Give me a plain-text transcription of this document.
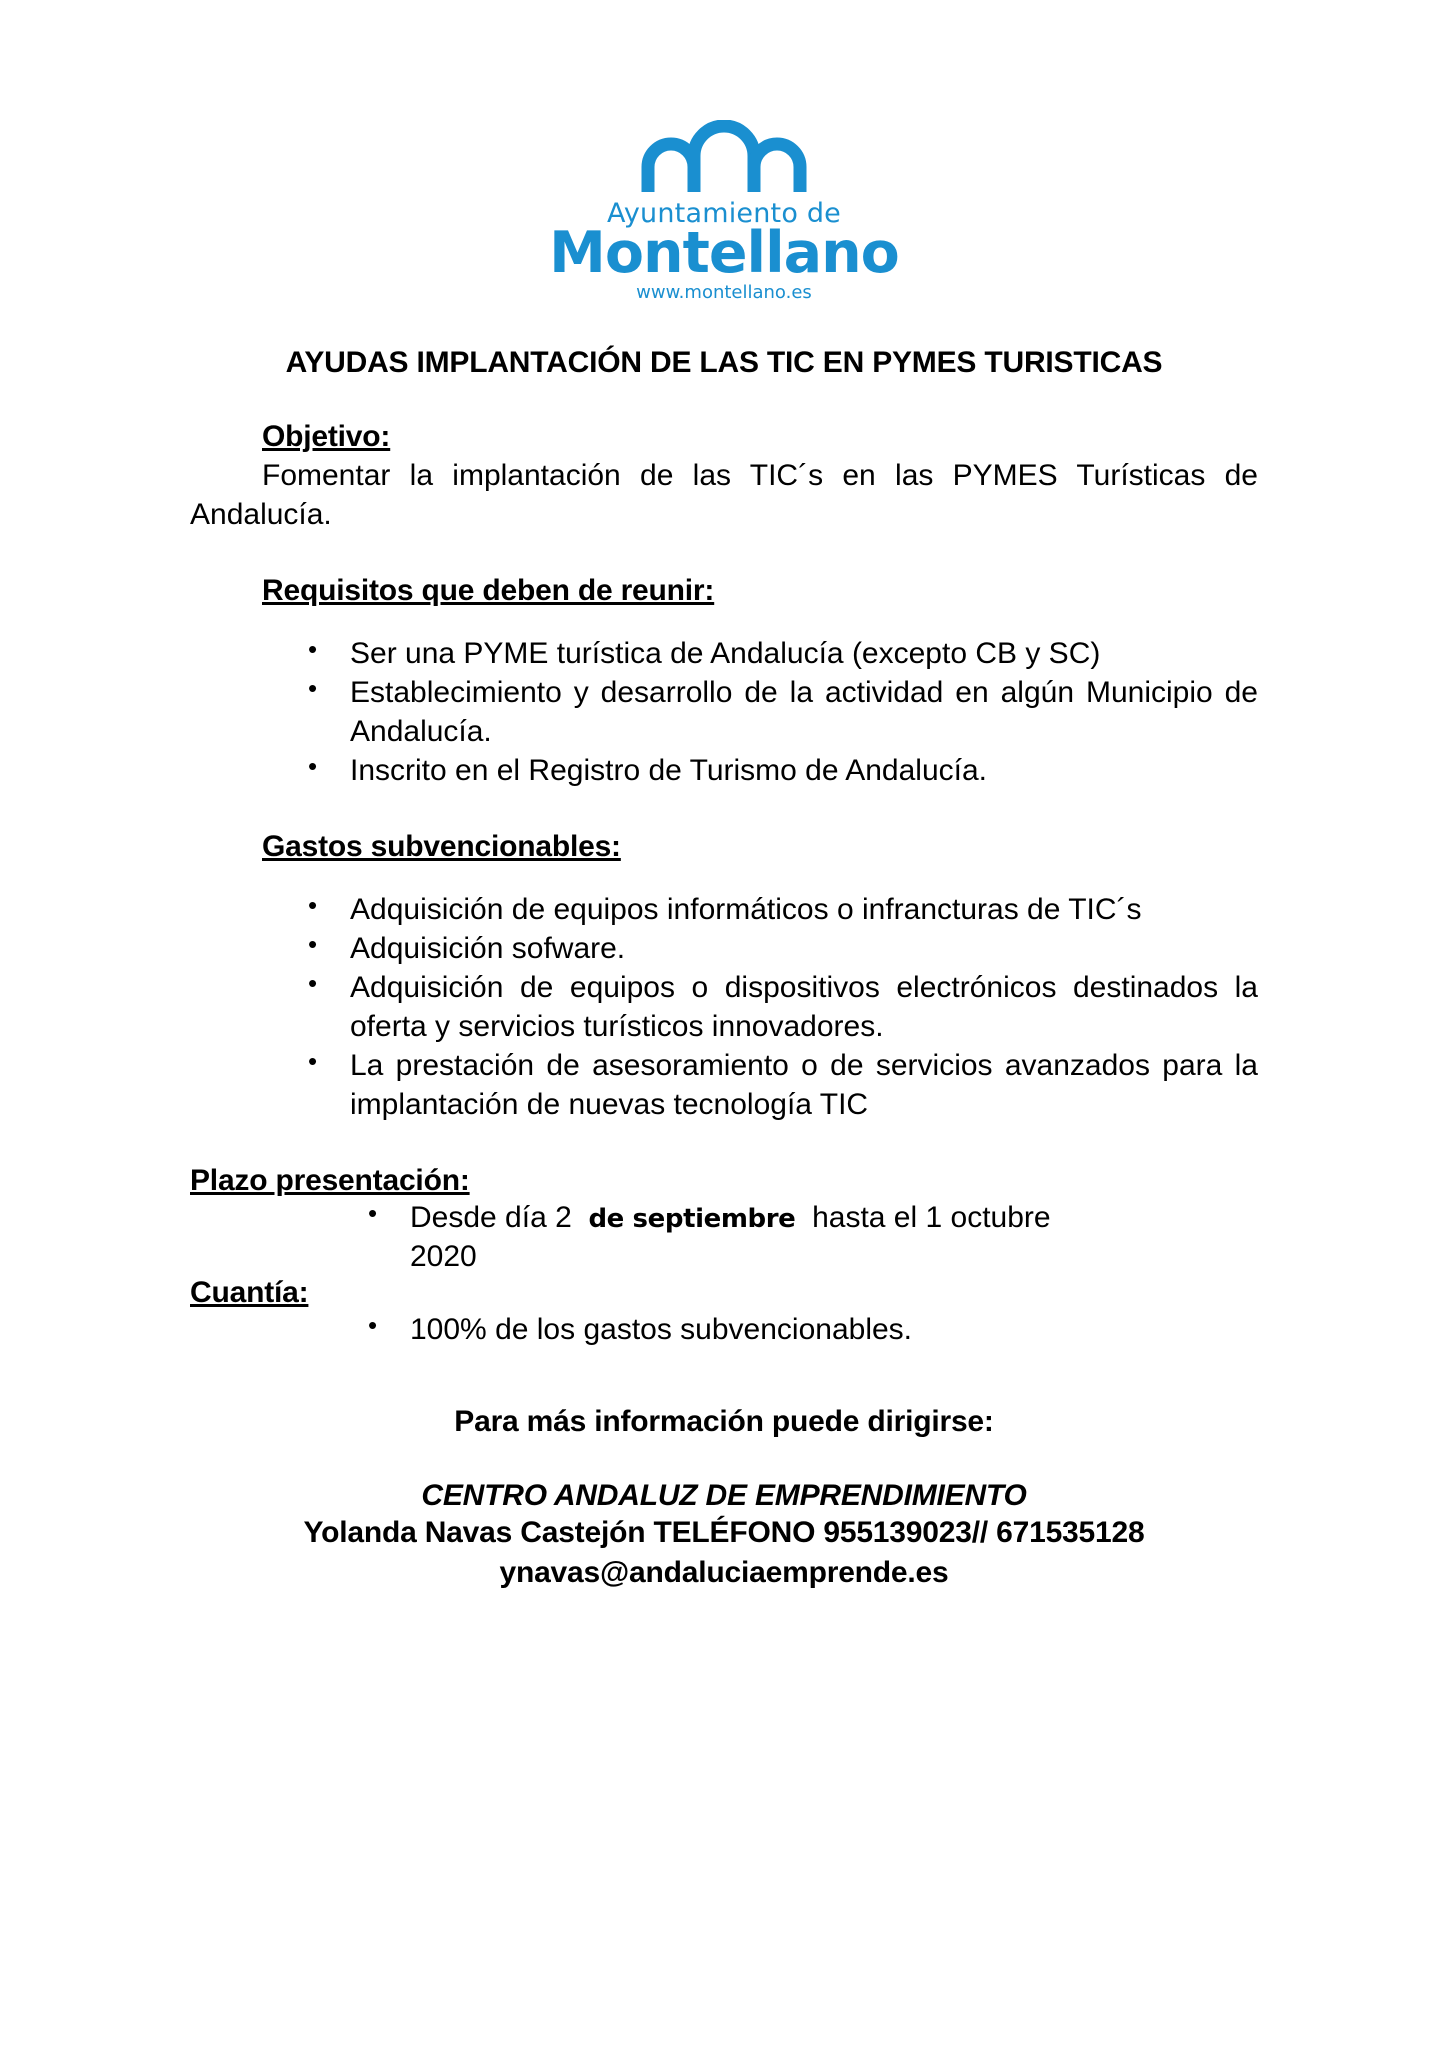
Ayuntamiento de
Montellano
www.montellano.es
AYUDAS IMPLANTACIÓN DE LAS TIC EN PYMES TURISTICAS
Objetivo:
Fomentar la implantación de las TIC´s en las PYMES Turísticas de Andalucía.
Requisitos que deben de reunir:
• Ser una PYME turística de Andalucía (excepto CB y SC)
• Establecimiento y desarrollo de la actividad en algún Municipio de Andalucía.
• Inscrito en el Registro de Turismo de Andalucía.
Gastos subvencionables:
• Adquisición de equipos informáticos o infrancturas de TIC´s
• Adquisición sofware.
• Adquisición de equipos o dispositivos electrónicos destinados la oferta y servicios turísticos innovadores.
• La prestación de asesoramiento o de servicios avanzados para la implantación de nuevas tecnología TIC
Plazo presentación:
• Desde día 2 de septiembre hasta el 1 octubre
2020
Cuantía:
• 100% de los gastos subvencionables.
Para más información puede dirigirse:
CENTRO ANDALUZ DE EMPRENDIMIENTO
Yolanda Navas Castejón TELÉFONO 955139023// 671535128
ynavas@andaluciaemprende.es
